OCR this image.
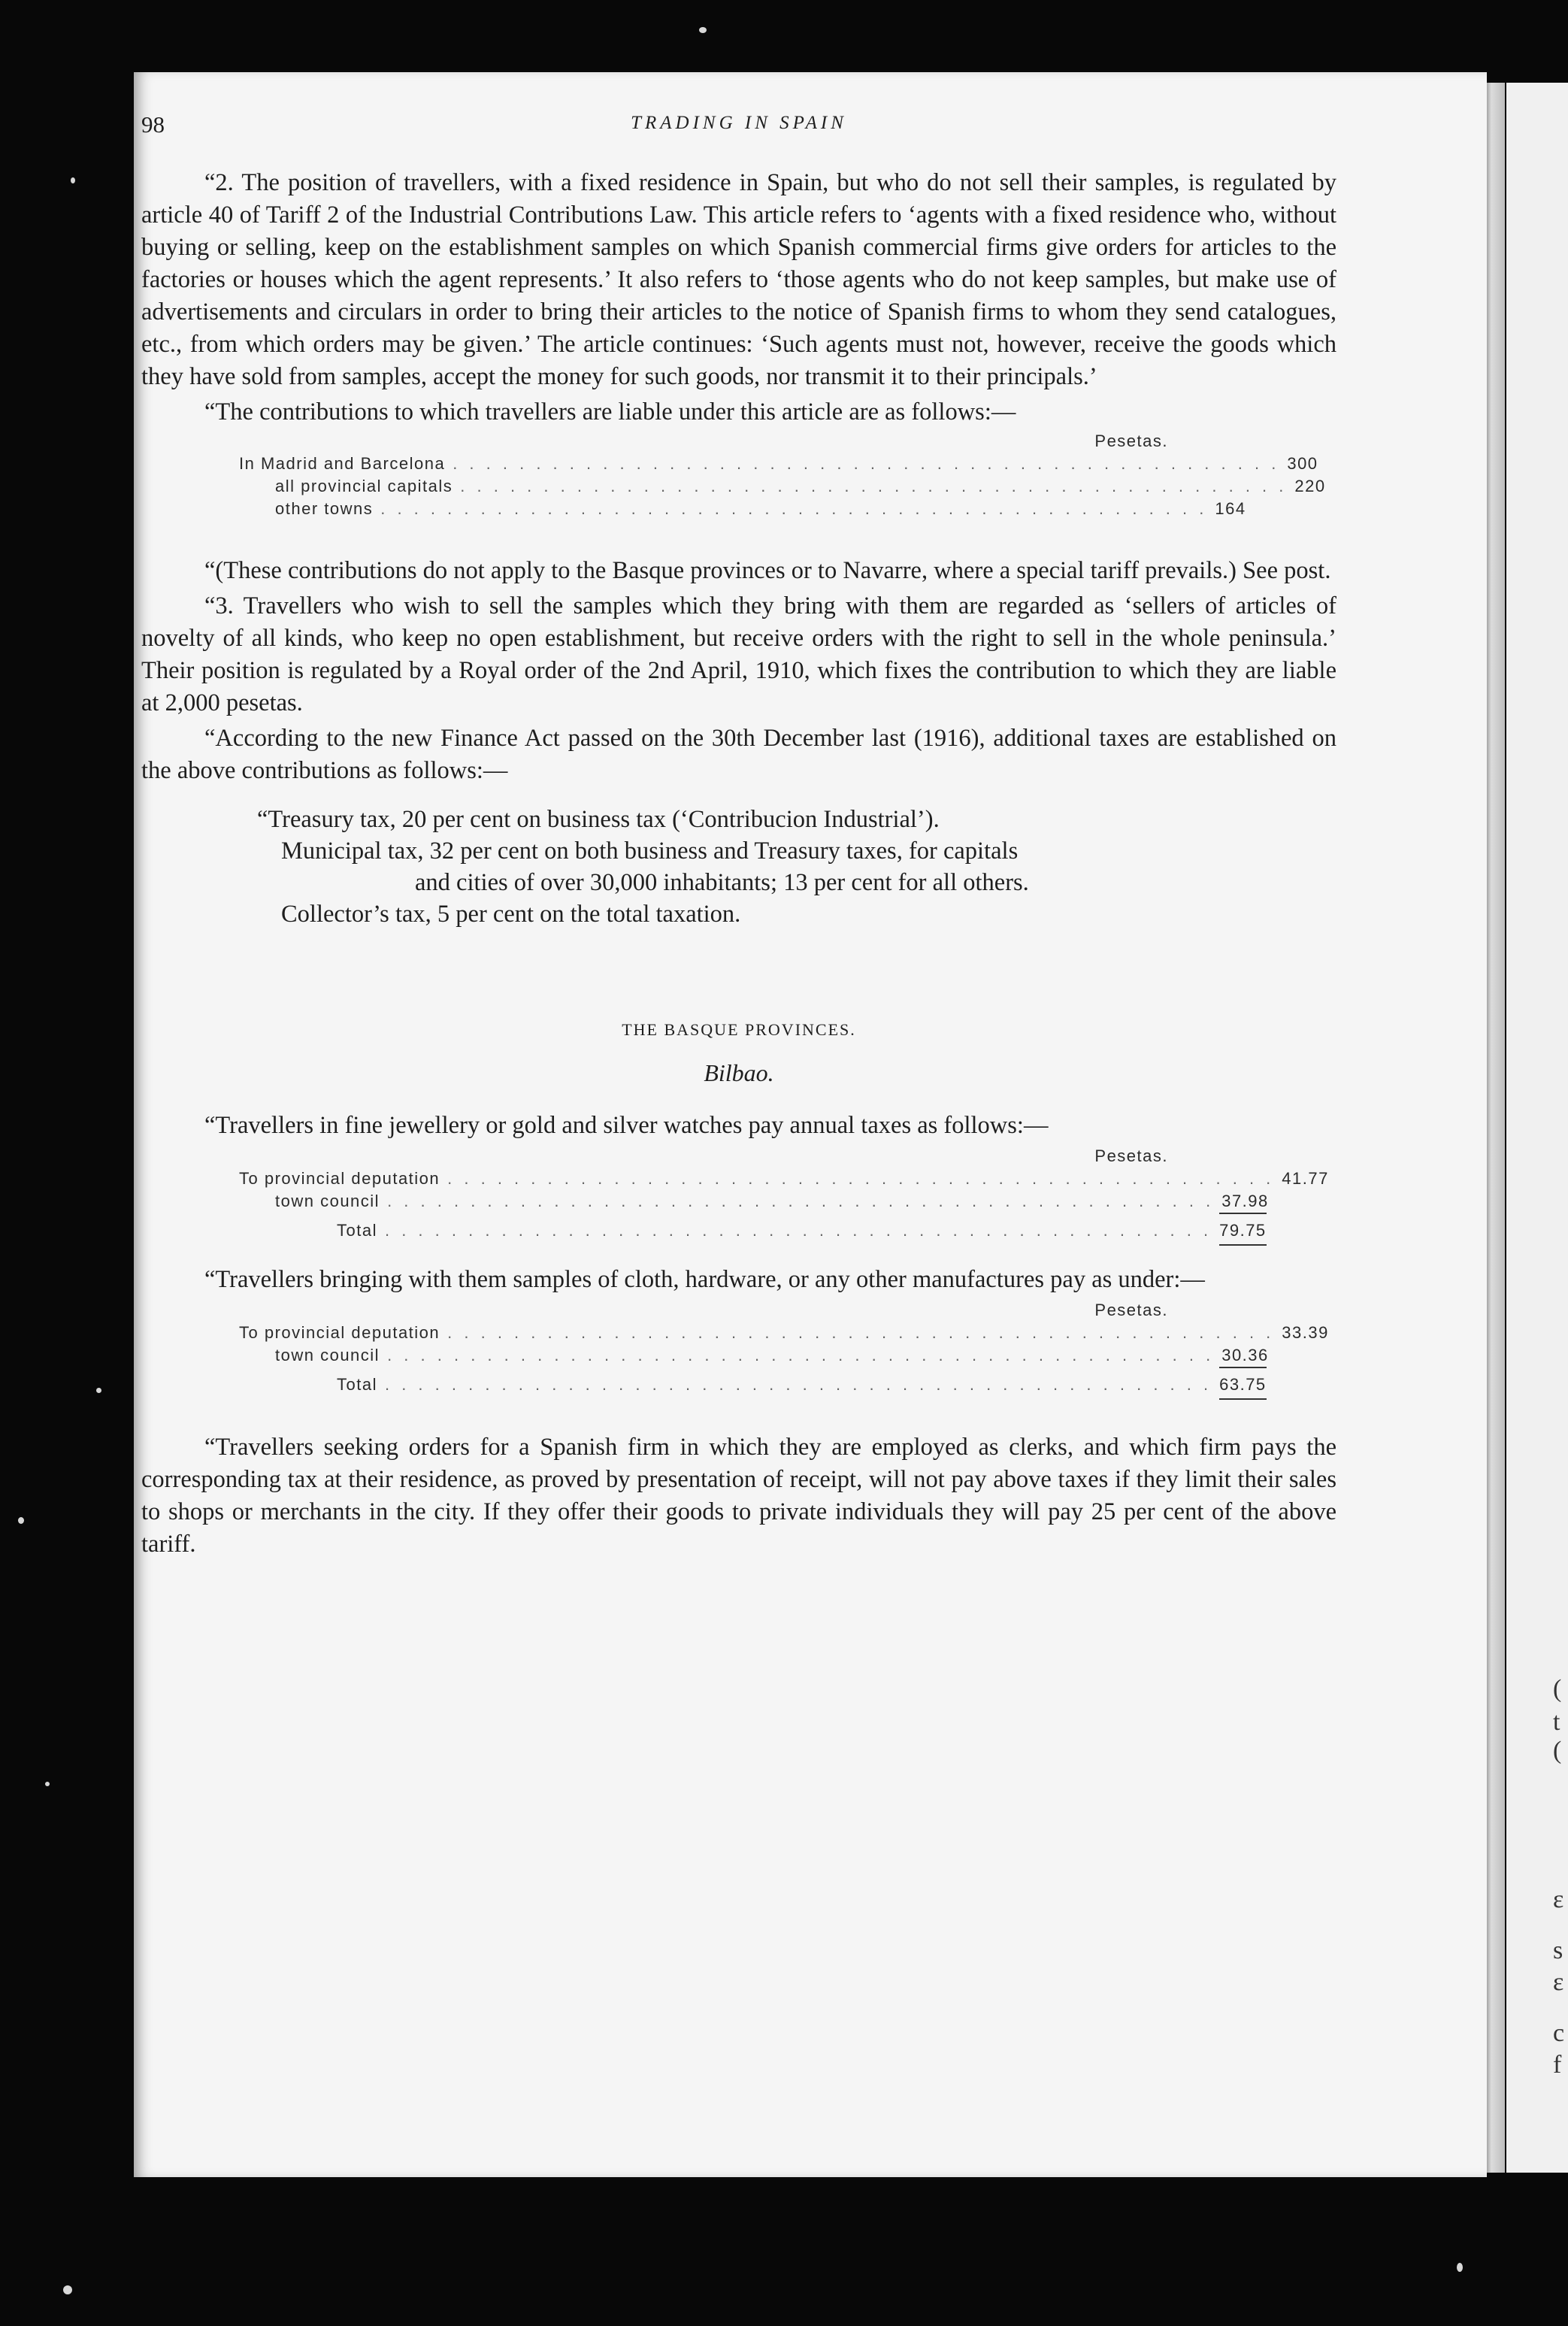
(
t
(
ε
s
ε
c
f
98	TRADING IN SPAIN

“2. The position of travellers, with a fixed residence in Spain, but who do not sell their samples, is regulated by article 40 of Tariff 2 of the Industrial Contributions Law. This article refers to ‘agents with a fixed residence who, without buying or selling, keep on the establishment samples on which Spanish commercial firms give orders for articles to the factories or houses which the agent represents.’ It also refers to ‘those agents who do not keep samples, but make use of advertisements and circulars in order to bring their articles to the notice of Spanish firms to whom they send catalogues, etc., from which orders may be given.’ The article continues: ‘Such agents must not, however, receive the goods which they have sold from samples, accept the money for such goods, nor transmit it to their principals.’

“The contributions to which travellers are liable under this article are as follows:—

Pesetas.
In Madrid and Barcelona . . . . . . . . . . . . . . . . . . . . . . . . . . . . . . . . . . . . . . . . . . . . . . . . . . 300
all provincial capitals . . . . . . . . . . . . . . . . . . . . . . . . . . . . . . . . . . . . . . . . . . . . . . . . . . 220
other towns . . . . . . . . . . . . . . . . . . . . . . . . . . . . . . . . . . . . . . . . . . . . . . . . . . 164

“(These contributions do not apply to the Basque provinces or to Navarre, where a special tariff prevails.) See post.

“3. Travellers who wish to sell the samples which they bring with them are regarded as ‘sellers of articles of novelty of all kinds, who keep no open establishment, but receive orders with the right to sell in the whole peninsula.’ Their position is regulated by a Royal order of the 2nd April, 1910, which fixes the contribution to which they are liable at 2,000 pesetas.

“According to the new Finance Act passed on the 30th December last (1916), additional taxes are established on the above contributions as follows:—

“Treasury tax, 20 per cent on business tax (‘Contribucion Industrial’).
Municipal tax, 32 per cent on both business and Treasury taxes, for capitals
and cities of over 30,000 inhabitants; 13 per cent for all others.
Collector’s tax, 5 per cent on the total taxation.
THE BASQUE PROVINCES.
Bilbao.

“Travellers in fine jewellery or gold and silver watches pay annual taxes as follows:—

Pesetas.
To provincial deputation . . . . . . . . . . . . . . . . . . . . . . . . . . . . . . . . . . . . . . . . . . . . . . . . . . 41.77
town council . . . . . . . . . . . . . . . . . . . . . . . . . . . . . . . . . . . . . . . . . . . . . . . . . . 37.98
Total . . . . . . . . . . . . . . . . . . . . . . . . . . . . . . . . . . . . . . . . . . . . . . . . . . 79.75

“Travellers bringing with them samples of cloth, hardware, or any other manufactures pay as under:—

Pesetas.
To provincial deputation . . . . . . . . . . . . . . . . . . . . . . . . . . . . . . . . . . . . . . . . . . . . . . . . . . 33.39
town council . . . . . . . . . . . . . . . . . . . . . . . . . . . . . . . . . . . . . . . . . . . . . . . . . . 30.36
Total . . . . . . . . . . . . . . . . . . . . . . . . . . . . . . . . . . . . . . . . . . . . . . . . . . 63.75

“Travellers seeking orders for a Spanish firm in which they are employed as clerks, and which firm pays the corresponding tax at their residence, as proved by presentation of receipt, will not pay above taxes if they limit their sales to shops or merchants in the city. If they offer their goods to private individuals they will pay 25 per cent of the above tariff.
